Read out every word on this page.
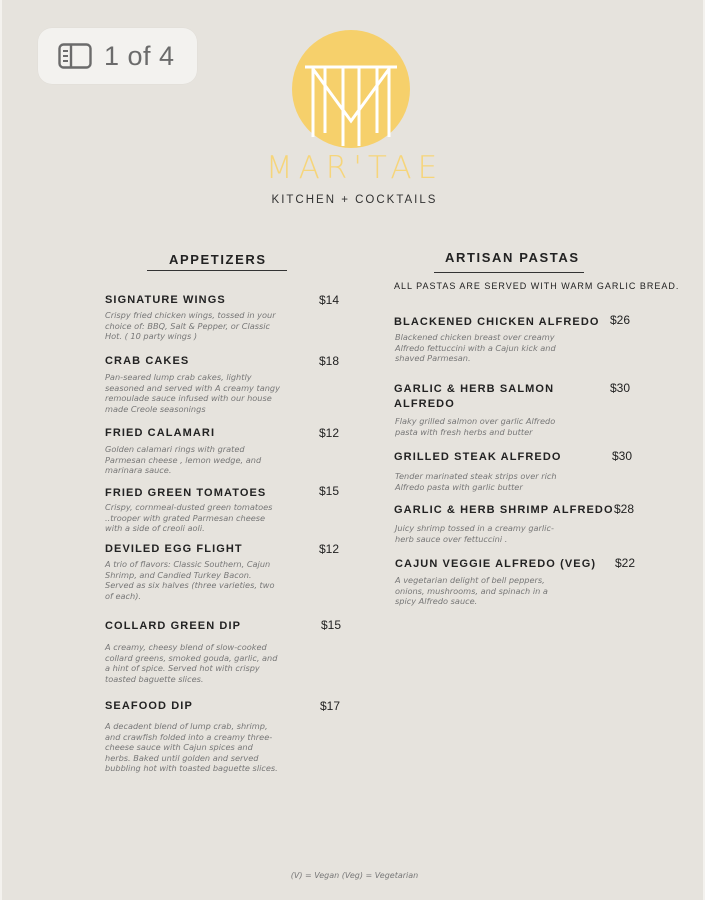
1 of 4
MAR'TAE
KITCHEN + COCKTAILS
APPETIZERS
SIGNATURE WINGS	$14
Crispy fried chicken wings, tossed in your choice of: BBQ, Salt & Pepper, or Classic Hot. ( 10 party wings )
CRAB CAKES	$18
Pan-seared lump crab cakes, lightly seasoned and served with A creamy tangy remoulade sauce infused with our house made Creole seasonings
FRIED CALAMARI	$12
Golden calamari rings with grated Parmesan cheese , lemon wedge, and marinara sauce.
FRIED GREEN TOMATOES	$15
Crispy, cornmeal-dusted green tomatoes ..trooper with grated Parmesan cheese with a side of creoli aoli.
DEVILED EGG FLIGHT	$12
A trio of flavors: Classic Southern, Cajun Shrimp, and Candied Turkey Bacon. Served as six halves (three varieties, two of each).
COLLARD GREEN DIP	$15
A creamy, cheesy blend of slow-cooked collard greens, smoked gouda, garlic, and a hint of spice. Served hot with crispy toasted baguette slices.
SEAFOOD DIP	$17
A decadent blend of lump crab, shrimp, and crawfish folded into a creamy three-cheese sauce with Cajun spices and herbs. Baked until golden and served bubbling hot with toasted baguette slices.
ARTISAN PASTAS
ALL PASTAS ARE SERVED WITH WARM GARLIC BREAD.
BLACKENED CHICKEN ALFREDO $26
Blackened chicken breast over creamy Alfredo fettuccini with a Cajun kick and shaved Parmesan.
GARLIC & HERB SALMON ALFREDO
$30
Flaky grilled salmon over garlic Alfredo pasta with fresh herbs and butter
GRILLED STEAK ALFREDO	$30
Tender marinated steak strips over rich Alfredo pasta with garlic butter
GARLIC & HERB SHRIMP ALFREDO $28
Juicy shrimp tossed in a creamy garlic-herb sauce over fettuccini .
CAJUN VEGGIE ALFREDO (VEG) $22
A vegetarian delight of bell peppers, onions, mushrooms, and spinach in a spicy Alfredo sauce.
(V) = Vegan (Veg) = Vegetarian
